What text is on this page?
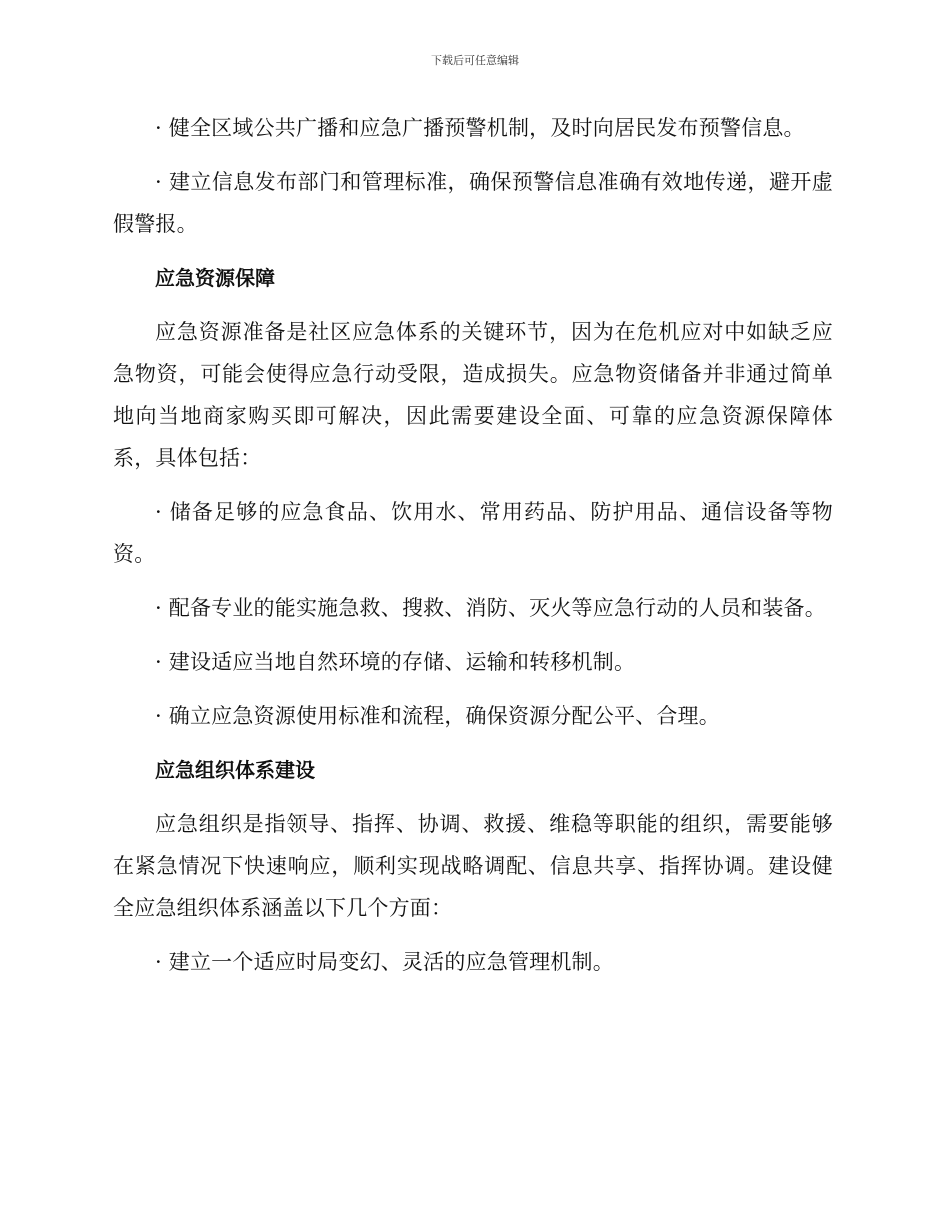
下载后可任意编辑

· 健全区域公共广播和应急广播预警机制，及时向居民发布预警信息。

· 建立信息发布部门和管理标准，确保预警信息准确有效地传递，避开虚假警报。

应急资源保障

应急资源准备是社区应急体系的关键环节，因为在危机应对中如缺乏应急物资，可能会使得应急行动受限，造成损失。应急物资储备并非通过简单地向当地商家购买即可解决，因此需要建设全面、可靠的应急资源保障体系，具体包括：

· 储备足够的应急食品、饮用水、常用药品、防护用品、通信设备等物资。

· 配备专业的能实施急救、搜救、消防、灭火等应急行动的人员和装备。

· 建设适应当地自然环境的存储、运输和转移机制。

· 确立应急资源使用标准和流程，确保资源分配公平、合理。

应急组织体系建设

应急组织是指领导、指挥、协调、救援、维稳等职能的组织，需要能够在紧急情况下快速响应，顺利实现战略调配、信息共享、指挥协调。建设健全应急组织体系涵盖以下几个方面：

· 建立一个适应时局变幻、灵活的应急管理机制。
